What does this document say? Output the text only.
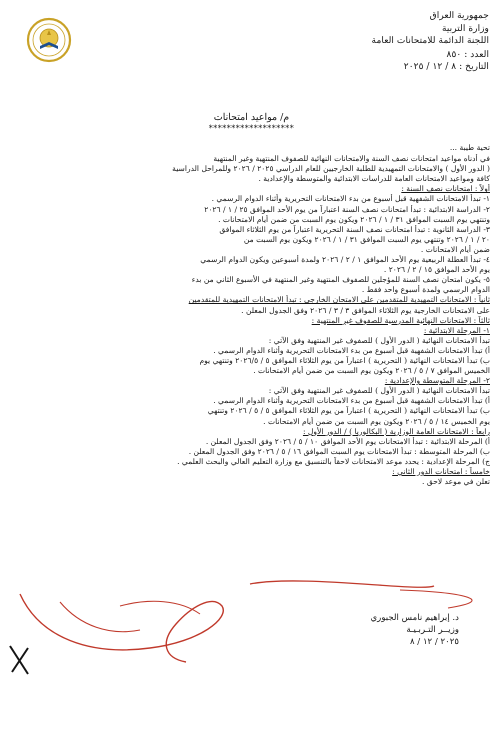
جمهورية العراق
وزارة التربية
اللجنة الدائمة للامتحانات العامة
العدد : ٨٥٠
التاريخ : ٨ / ١٢ / ٢٠٢٥
م/ مواعيد امتحانات
*******************
تحية طيبة ...
في أدناه مواعيد امتحانات نصف السنة والامتحانات النهائية للصفوف المنتهية وغير المنتهية
( الدور الأول ) والامتحانات التمهيدية للطلبة الخارجيين للعام الدراسي ٢٠٢٥ / ٢٠٢٦ وللمراحل الدراسية
كافة ومواعيد الامتحانات العامة للدراسات الابتدائية والمتوسطة والإعدادية .
أولاً : امتحانات نصف السنة :
١- تبدأ الامتحانات الشفهية قبل أسبوع من بدء الامتحانات التحريرية وأثناء الدوام الرسمي .
٢- الدراسة الابتدائية : تبدأ امتحانات نصف السنة اعتباراً من يوم الأحد الموافق ٢٥ / ١ / ٢٠٢٦
وتنتهي يوم السبت الموافق ٣١ / ١ / ٢٠٢٦ ويكون يوم السبت من ضمن أيام الامتحانات .
٣- الدراسة الثانوية : تبدأ امتحانات نصف السنة التحريرية اعتباراً من يوم الثلاثاء الموافق
٢٠ / ١ / ٢٠٢٦ وتنتهي يوم السبت الموافق ٣١ / ١ / ٢٠٢٦ ويكون يوم السبت من
ضمن أيام الامتحانات .
٤- تبدأ العطلة الربيعية يوم الأحد الموافق ١ / ٢ / ٢٠٢٦ ولمدة أسبوعين ويكون الدوام الرسمي
يوم الأحد الموافق ١٥ / ٢ / ٢٠٢٦ .
٥- يكون امتحان نصف السنة للمؤجلين للصفوف المنتهية وغير المنتهية في الأسبوع الثاني من بدء
الدوام الرسمي ولمدة أسبوع واحد فقط .
ثانياً : الامتحانات التمهيدية للمتقدمين على الامتحان الخارجي : تبدأ الامتحانات التمهيدية للمتقدمين
على الامتحانات الخارجية يوم الثلاثاء الموافق ٣ / ٣ / ٢٠٢٦ وفق الجدول المعلن .
ثالثاً : الامتحانات النهائية المدرسية للصفوف غير المنتهية :
١- المرحلة الابتدائية :
تبدأ الامتحانات النهائية ( الدور الأول ) للصفوف غير المنتهية وفق الآتي :
أ) تبدأ الامتحانات الشفهية قبل أسبوع من بدء الامتحانات التحريرية وأثناء الدوام الرسمي .
ب) تبدأ الامتحانات النهائية ( التحريرية ) اعتباراً من يوم الثلاثاء الموافق ٥ / ٢٠٢٦/٥ وتنتهي يوم
الخميس الموافق ٧ / ٥ / ٢٠٢٦ ويكون يوم السبت من ضمن أيام الامتحانات .
٢- المرحلة المتوسطة والإعدادية :
تبدأ الامتحانات النهائية ( الدور الأول ) للصفوف غير المنتهية وفق الآتي :
أ) تبدأ الامتحانات الشفهية قبل أسبوع من بدء الامتحانات التحريرية وأثناء الدوام الرسمي .
ب) تبدأ الامتحانات النهائية ( التحريرية ) اعتباراً من يوم الثلاثاء الموافق ٥ / ٥ / ٢٠٢٦ وتنتهي
يوم الخميس ١٤ / ٥ / ٢٠٢٦ ويكون يوم السبت من ضمن أيام الامتحانات .
رابعاً : الامتحانات العامة الوزارية ( البكالوريا ) / الدور الأول :
أ) المرحلة الابتدائية : تبدأ الامتحانات يوم الأحد الموافق ١٠ / ٥ / ٢٠٢٦ وفق الجدول المعلن .
ب) المرحلة المتوسطة : تبدأ الامتحانات يوم السبت الموافق ١٦ / ٥ / ٢٠٢٦ وفق الجدول المعلن .
ج) المرحلة الإعدادية : يحدد موعد الامتحانات لاحقاً بالتنسيق مع وزارة التعليم العالي والبحث العلمي .
خامساً : امتحانات الدور الثاني :
تعلن في موعد لاحق .
د. إبراهيم نامس الجبوري
وزيــر التـربـيـة
٢٠٢٥ / ١٢ / ٨
